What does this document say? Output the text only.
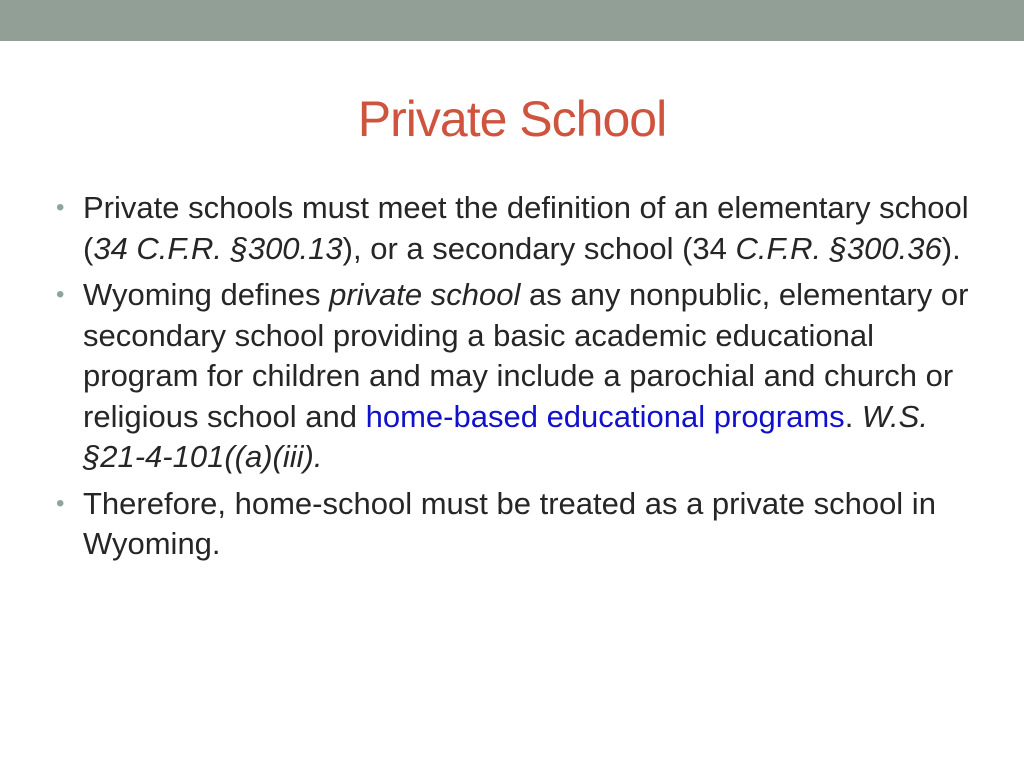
Private School
• Private schools must meet the definition of an elementary school (34 C.F.R. §300.13), or a secondary school (34 C.F.R. §300.36).
• Wyoming defines private school as any nonpublic, elementary or secondary school providing a basic academic educational program for children and may include a parochial and church or religious school and home-based educational programs. W.S. §21-4-101((a)(iii).
• Therefore, home-school must be treated as a private school in Wyoming.
